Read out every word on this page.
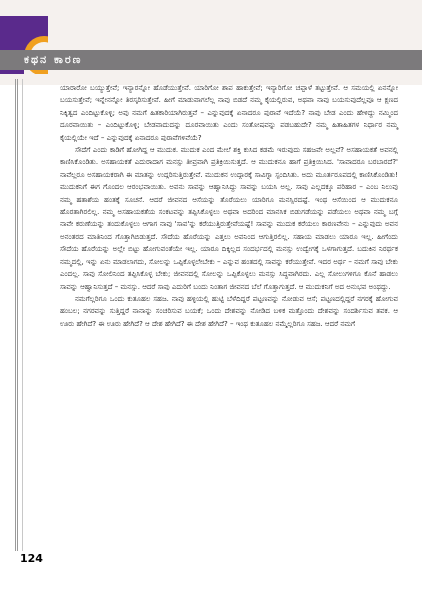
ಕಥನ ಕಾರಣ

ಯಾರಾರೋ ಬಯ್ಯುತ್ತೇವೆ; ಇನ್ಯಾರನ್ನೋ ಹೊಡೆಯುತ್ತೇವೆ. ಯಾರಿಗೋ ಶಾಪ ಹಾಕುತ್ತೇವೆ; ಇನ್ಯಾರಿಗೋ ಚಪ್ಪಾಳೆ ತಟ್ಟುತ್ತೇವೆ. ಆ ಸಮಯಲ್ಲಿ ಏನನ್ನೋ ಬಯಸುತ್ತೇವೆ; ಇನ್ನೇನನ್ನೋ ತಿರಸ್ಕರಿಸುತ್ತೇವೆ. ಹೀಗೆ ಮಾಡುವಾಗಲೆಲ್ಲ ನಾವು ಬಿಡದೆ ನಮ್ಮ ಕೈಯಲ್ಲಿರುವ, ಅಥವಾ ನಾವು ಬಯಸುವುದೆಲ್ಲವೂ ಆ ಕ್ಷಣದ ನಿಕ್ಕಿತ್ವದ ಎಂದಿಟ್ಟುಕೊಳ್ಳಿ; ಅವು ನಮಗೆ ಹಿತಕಾರಿಯಾಗಿರುತ್ತವೆ – ಎನ್ನುವುದಕ್ಕೆ ಏನಾದರೂ ಪುರಾವೆ ಇದೆಯೆ? ನಾವು ಬೇಡ ಎಂದು ಹೇಳಿದ್ದು ನಮ್ಮಿಂದ ದೂರವಾಯಿತು – ಎಂದಿಟ್ಟುಕೊಳ್ಳಿ; ಬೇಡವಾದುದನ್ನು ದೂರವಾಯಿತು ಎಂದು ಸಂತೋಷವನ್ನು ಪಡಬಹುದೇ? ನಮ್ಮ ಹಿತಾಹಿತಗಳ ನಿರ್ಧಾರ ನಮ್ಮ ಕೈಯಲ್ಲಿಯೇ ಇದೆ – ಎನ್ನುವುದಕ್ಕೆ ಏನಾದರೂ ಪುರಾವೆಗಳಿವೆಯೆ?

ಸೌದೆಗೆ ಎಂದು ಕಾಡಿಗೆ ಹೋಗಿದ್ದ ಆ ಮುದುಕ. ಮುದುಕ ಎಂದ ಮೇಲೆ ಶಕ್ತಿ ಕುಸಿದ ಕಡಮೆ ಇರುವುದು ಸಹಜವೇ ಅಲ್ಲವೆ? ಅಸಹಾಯಕತೆ ಅವನಲ್ಲಿ ಕಾಣಿಸಿಕೊಂಡಿತು. ಅಸಹಾಯಕತೆ ಎದುರಾದಾಗ ಮನಸ್ಸು ತೀವ್ರವಾಗಿ ಪ್ರತಿಕ್ರಿಯಿಸುತ್ತದೆ. ಆ ಮುದುಕನೂ ಹಾಗೆ ಪ್ರತಿಕ್ರಿಯಿಸಿದ. 'ಸಾವಾದರೂ ಬರಬಾರದೆ?' ನಾವೆಲ್ಲರೂ ಅಸಹಾಯಕರಾಗಿ ಈ ಮಾತನ್ನು ಉದ್ಗರಿಸುತ್ತಿರುತ್ತೇವೆ. ಮುದುಕನ ಉದ್ಗಾರಕ್ಕೆ ಸಾವಿಗ್ನಾ ಸ್ಪಂದಿಸಿತು. ಅದು ಮೂರ್ತರೂಪದಲ್ಲಿ ಕಾಣಿಸಿಕೊಂಡಿತು! ಮುದುಕನಿಗೆ ಈಗ ಗೊಂದಲ ಆರಂಭವಾಯಿತು. ಅವನು ಸಾವನ್ನು ಆಹ್ವಾನಿಸಿದ್ದು ಸಾವನ್ನು ಬಯಸಿ ಅಲ್ಲ. ಸಾವು ಎಲ್ಲದಕ್ಕೂ ಪರಿಹಾರ – ಎಂಬ ನಿಲುವು ನಮ್ಮ ಹತಾಶೆಯ ಹಂತಕ್ಕೆ ಸೂಚನೆ. ಆದರೆ ಜೀವನದ ಆಸೆಯನ್ನು ತೊರೆಯಲು ಯಾರಿಗೂ ಮನಸ್ಸಿರದಷ್ಟೆ. ಇಂಥ ಆಸೆಯಿಂದ ಆ ಮುದುಕನೂ ಹೊರತಾಗಿರಲಿಲ್ಲ. ನಮ್ಮ ಅಸಹಾಯಕತೆಯ ಸಂಕಟವನ್ನು ತಪ್ಪಿಸಿಕೊಳ್ಳಲು ಅಥವಾ ಅದರಿಂದ ಮಾನಸಿಕ ಬಿಡುಗಡೆಯನ್ನು ಪಡೆಯಲು ಅಥವಾ ನಮ್ಮ ಬಗ್ಗೆ ನಾವೇ ಕರುಣೆಯನ್ನು ತಂದುಕೊಳ್ಳಲು ಆಗಾಗ ನಾವು 'ಸಾವ'ನ್ನು ಕರೆಯುತ್ತಿರುತ್ತೇವೆಯಷ್ಟೆ! ಸಾವನ್ನು ಮುದುಕ ಕರೆಯಲು ಕಾರಣವೇನು – ಎನ್ನುವುದು ಅವನ ಅನಂತರದ ಮಾತಿನಿಂದ ಗೊತ್ತಾಗಿಬಿಡುತ್ತದೆ. ಸೌದೆಯ ಹೊರೆಯನ್ನು ಎತ್ತಲು ಅವನಿಂದ ಆಗುತ್ತಿರಲಿಲ್ಲ. ಸಹಾಯ ಮಾಡಲು ಯಾರೂ ಇಲ್ಲ. ಹೀಗೆಂದು ಸೌದೆಯ ಹೊರೆಯನ್ನು ಅಲ್ಲೇ ಬಿಟ್ಟು ಹೋಗುವಂತೆಯೇ ಇಲ್ಲ. ಯಾರೂ ದಿಕ್ಕಿಲ್ಲದ ಸಂದರ್ಭದಲ್ಲಿ ಮನಸ್ಸು ಉದ್ವೇಗಕ್ಕೆ ಒಳಗಾಗುತ್ತದೆ. ಬದುಕಿನ ನಿರರ್ಥಕ ನಮ್ಮದಲ್ಲಿ, ಇನ್ನು ಏನು ಮಾಡಲಾಗದು, ಸೋಲನ್ನು ಒಪ್ಪಿಕೊಳ್ಳಲೇಬೇಕು – ಎನ್ನುವ ಹಂತದಲ್ಲಿ ಸಾವನ್ನು ಕರೆಯುತ್ತೇವೆ. ಇದರ ಅರ್ಥ – ನಮಗೆ ಸಾವು ಬೇಕು ಎಂದಲ್ಲ. ಸಾವು ಸೋಲಿನಿಂದ ತಪ್ಪಿಸಿಕೊಳ್ಳ ಬೇಕು; ಜೀವನದಲ್ಲಿ ಸೋಲನ್ನು ಒಪ್ಪಿಕೊಳ್ಳಲು ಮನಸ್ಸು ಸಿದ್ಧವಾಗಿರದು. ಎಲ್ಲ ಸೋಲುಗಳಿಗೂ ಕೊನೆ ಹಾಡಲು ಸಾವನ್ನು ಆಹ್ವಾನಿಸುತ್ತದೆ – ಮನಸ್ಸು. ಆದರೆ ಸಾವು ಎದುರಿಗೆ ಬಂದು ನಿಂತಾಗ ಜೀವನದ ಬೆಲೆ ಗೊತ್ತಾಗುತ್ತದೆ. ಆ ಮುದುಕನಿಗೆ ಅದ ಅನುಭವ ಅಂಥದ್ದು.

ನಮಗೆಲ್ಲರಿಗೂ ಒಂದು ಕುತೂಹಲ ಸಹಜ. ನಾವು ಹಳ್ಳಿಯಲ್ಲಿ ಹುಟ್ಟಿ ಬೆಳೆದಿದ್ದರೆ ಪಟ್ಟಣವನ್ನು ನೋಡುವ ಆಸೆ; ಪಟ್ಟಣದಲ್ಲಿದ್ದರೆ ನಗರಕ್ಕೆ ಹೋಗುವ ಹಂಬಲ; ನಗರವನ್ನು ಸುತ್ತಿದ್ದರೆ ನಾನಾನ್ನು ಸಂಚರಿಸುವ ಬಯಕೆ; ಒಂದು ದೇಶವನ್ನು ನೋಡಿದ ಬಳಿಕ ಮತ್ತೊಂದು ದೇಶವನ್ನು ಸಂದರ್ಶಿಸುವ ತವಕ. ಆ ಊರು ಹೇಗಿದೆ? ಈ ಊರು ಹೇಗಿದೆ? ಆ ದೇಶ ಹೇಗಿದೆ? ಈ ದೇಶ ಹೇಗಿದೆ? – ಇಂಥ ಕುತೂಹಲ ನಮ್ಮೆಲ್ಲರಿಗೂ ಸಹಜ. ಆದರೆ ನಮಗೆ

124
